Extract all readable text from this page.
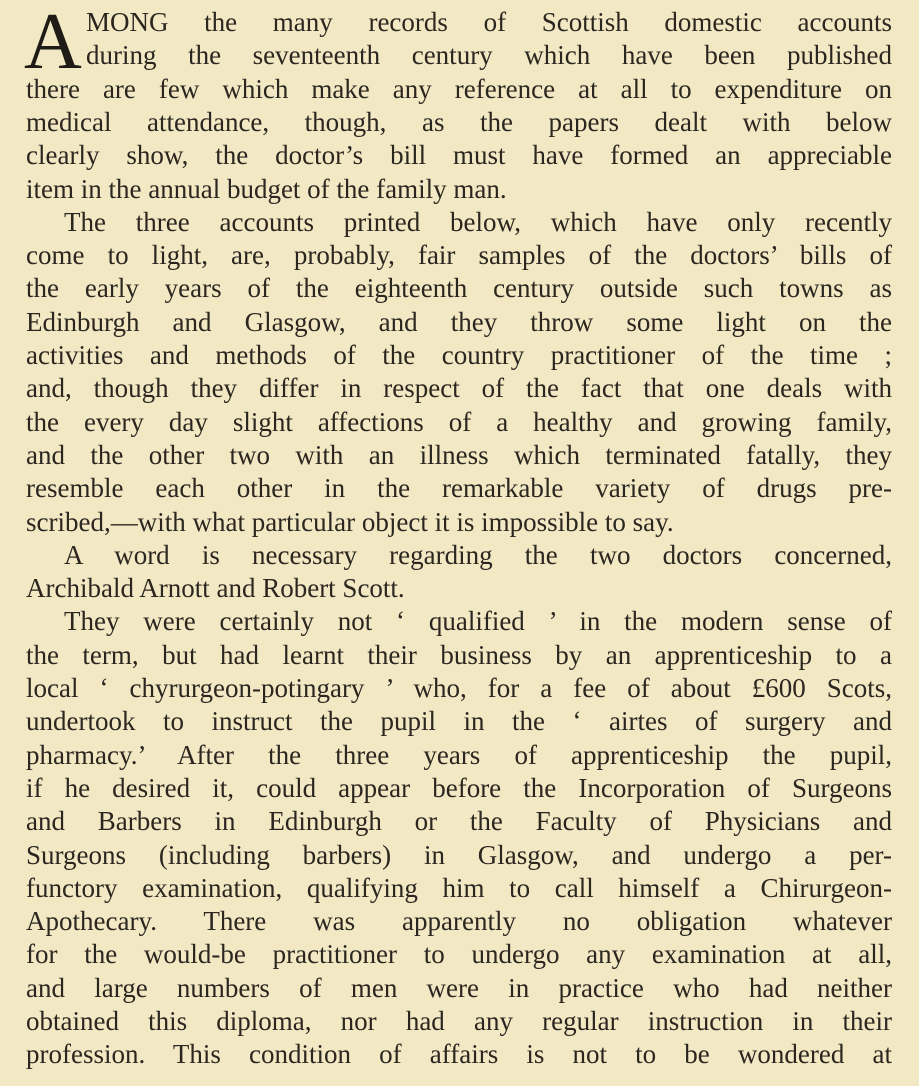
A MONG the many records of Scottish domestic accounts
during the seventeenth century which have been published
there are few which make any reference at all to expenditure on
medical attendance, though, as the papers dealt with below
clearly show, the doctor’s bill must have formed an appreciable
item in the annual budget of the family man.
The three accounts printed below, which have only recently
come to light, are, probably, fair samples of the doctors’ bills of
the early years of the eighteenth century outside such towns as
Edinburgh and Glasgow, and they throw some light on the
activities and methods of the country practitioner of the time ;
and, though they differ in respect of the fact that one deals with
the every day slight affections of a healthy and growing family,
and the other two with an illness which terminated fatally, they
resemble each other in the remarkable variety of drugs pre-
scribed,—with what particular object it is impossible to say.
A word is necessary regarding the two doctors concerned,
Archibald Arnott and Robert Scott.
They were certainly not ‘ qualified ’ in the modern sense of
the term, but had learnt their business by an apprenticeship to a
local ‘ chyrurgeon-potingary ’ who, for a fee of about £600 Scots,
undertook to instruct the pupil in the ‘ airtes of surgery and
pharmacy.’ After the three years of apprenticeship the pupil,
if he desired it, could appear before the Incorporation of Surgeons
and Barbers in Edinburgh or the Faculty of Physicians and
Surgeons (including barbers) in Glasgow, and undergo a per-
functory examination, qualifying him to call himself a Chirurgeon-
Apothecary. There was apparently no obligation whatever
for the would-be practitioner to undergo any examination at all,
and large numbers of men were in practice who had neither
obtained this diploma, nor had any regular instruction in their
profession. This condition of affairs is not to be wondered at
